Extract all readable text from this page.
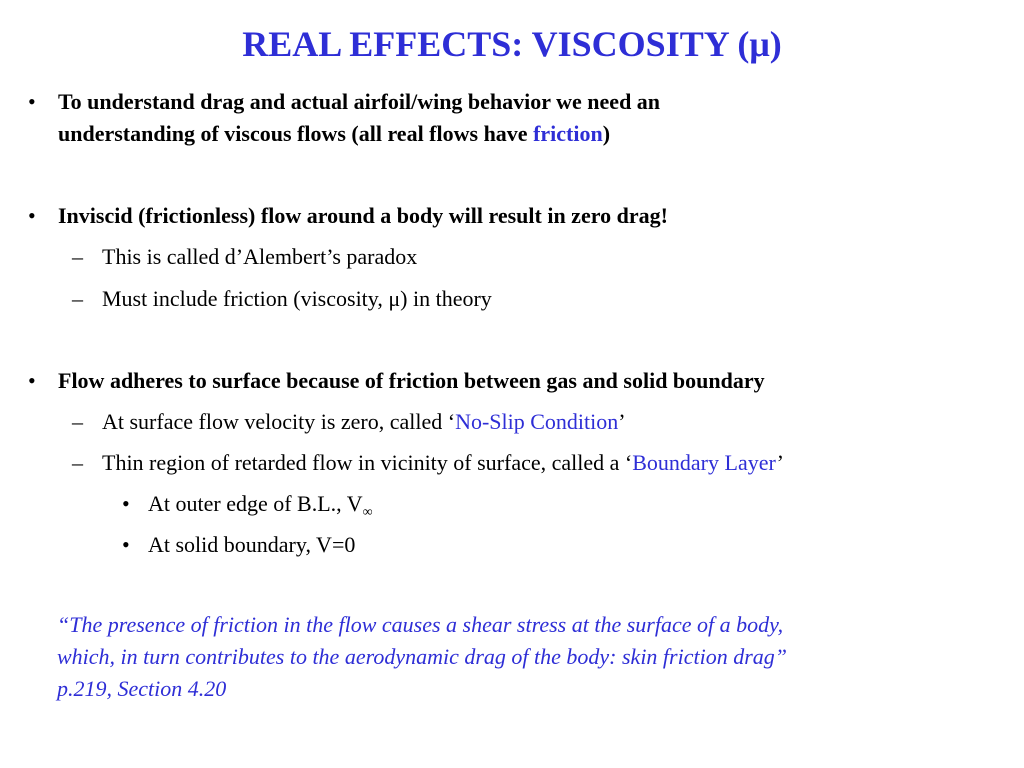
REAL EFFECTS: VISCOSITY (μ)
•	To understand drag and actual airfoil/wing behavior we need an
understanding of viscous flows (all real flows have friction)
•	Inviscid (frictionless) flow around a body will result in zero drag!
– This is called d’Alembert’s paradox
– Must include friction (viscosity, μ) in theory
•	Flow adheres to surface because of friction between gas and solid boundary
– At surface flow velocity is zero, called ‘No-Slip Condition’
– Thin region of retarded flow in vicinity of surface, called a ‘Boundary Layer’
• At outer edge of B.L., $V_\infty$
• At solid boundary, V=0
“The presence of friction in the flow causes a shear stress at the surface of a body,
which, in turn contributes to the aerodynamic drag of the body: skin friction drag”
p.219, Section 4.20
